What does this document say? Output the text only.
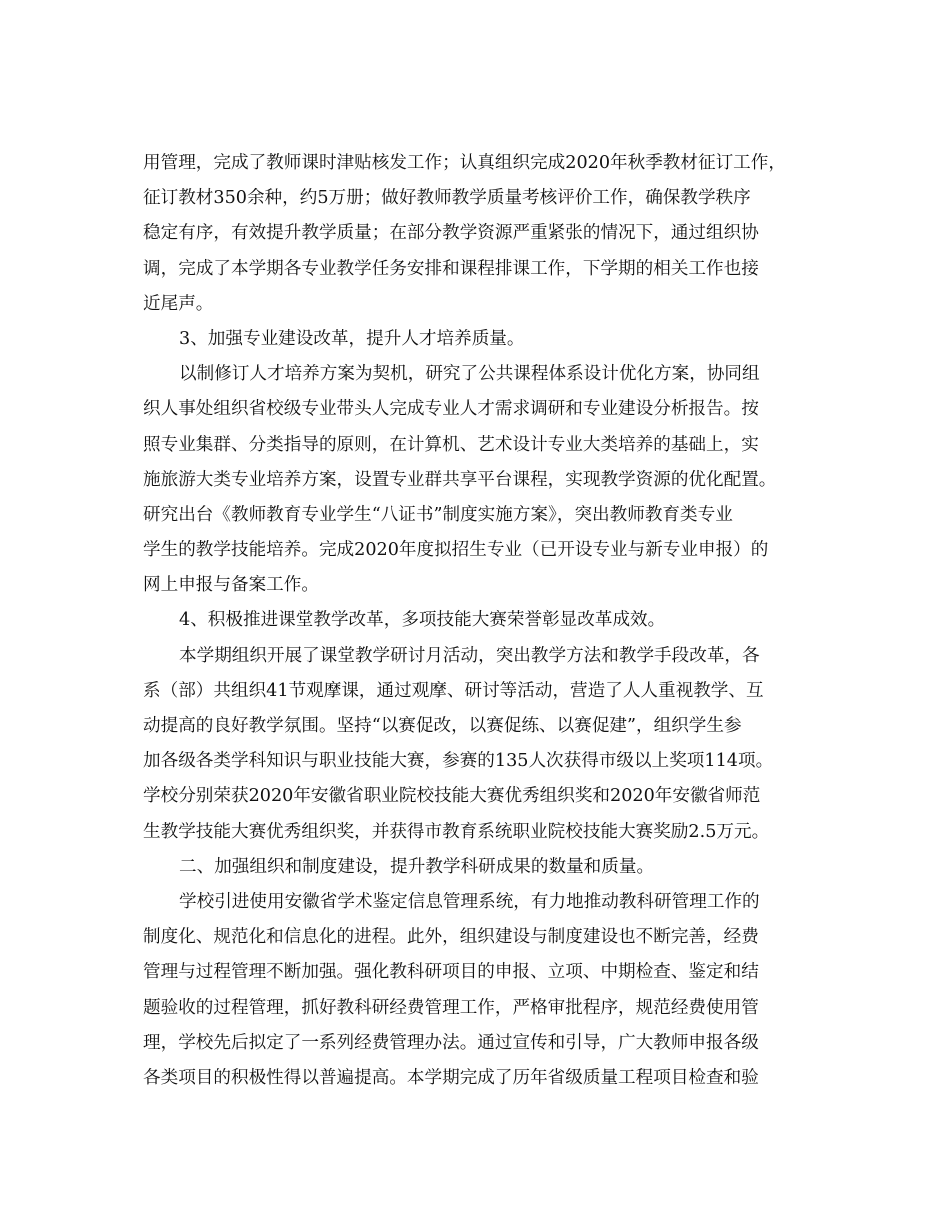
用管理，完成了教师课时津贴核发工作；认真组织完成2020年秋季教材征订工作，
征订教材350余种，约5万册；做好教师教学质量考核评价工作，确保教学秩序
稳定有序，有效提升教学质量；在部分教学资源严重紧张的情况下，通过组织协
调，完成了本学期各专业教学任务安排和课程排课工作，下学期的相关工作也接
近尾声。
3、加强专业建设改革，提升人才培养质量。
以制修订人才培养方案为契机，研究了公共课程体系设计优化方案，协同组
织人事处组织省校级专业带头人完成专业人才需求调研和专业建设分析报告。按
照专业集群、分类指导的原则，在计算机、艺术设计专业大类培养的基础上，实
施旅游大类专业培养方案，设置专业群共享平台课程，实现教学资源的优化配置。
研究出台《教师教育专业学生“八证书”制度实施方案》，突出教师教育类专业
学生的教学技能培养。完成2020年度拟招生专业（已开设专业与新专业申报）的
网上申报与备案工作。
4、积极推进课堂教学改革，多项技能大赛荣誉彰显改革成效。
本学期组织开展了课堂教学研讨月活动，突出教学方法和教学手段改革，各
系（部）共组织41节观摩课，通过观摩、研讨等活动，营造了人人重视教学、互
动提高的良好教学氛围。坚持“以赛促改，以赛促练、以赛促建”，组织学生参
加各级各类学科知识与职业技能大赛，参赛的135人次获得市级以上奖项114项。
学校分别荣获2020年安徽省职业院校技能大赛优秀组织奖和2020年安徽省师范
生教学技能大赛优秀组织奖，并获得市教育系统职业院校技能大赛奖励2.5万元。
二、加强组织和制度建设，提升教学科研成果的数量和质量。
学校引进使用安徽省学术鉴定信息管理系统，有力地推动教科研管理工作的
制度化、规范化和信息化的进程。此外，组织建设与制度建设也不断完善，经费
管理与过程管理不断加强。强化教科研项目的申报、立项、中期检查、鉴定和结
题验收的过程管理，抓好教科研经费管理工作，严格审批程序，规范经费使用管
理，学校先后拟定了一系列经费管理办法。通过宣传和引导，广大教师申报各级
各类项目的积极性得以普遍提高。本学期完成了历年省级质量工程项目检查和验
